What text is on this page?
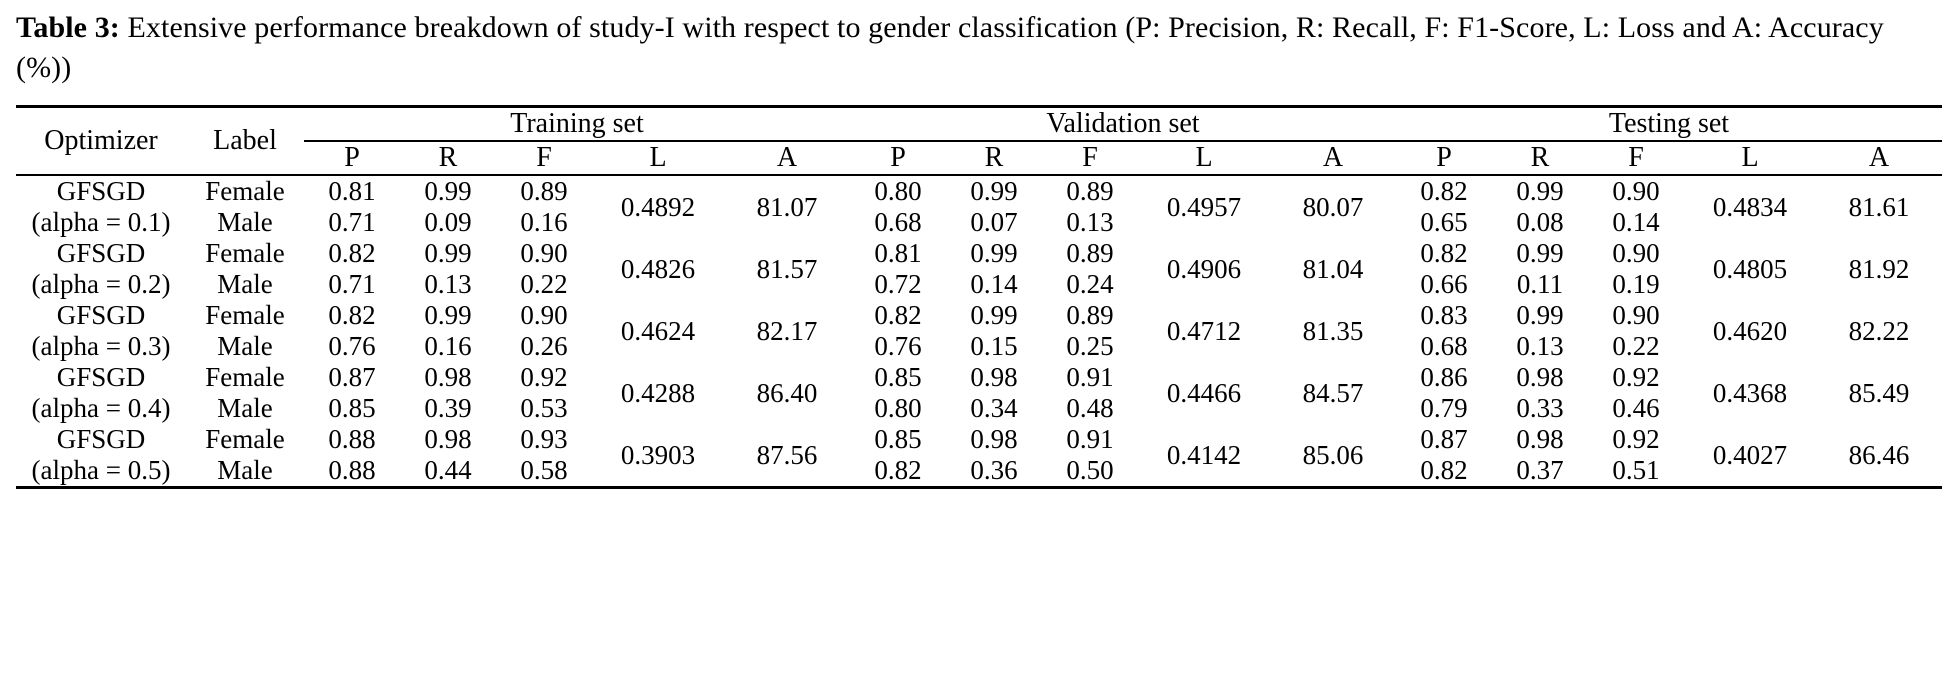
Table 3: Extensive performance breakdown of study-I with respect to gender classification (P: Precision, R: Recall, F: F1-Score, L: Loss and A: Accuracy (%))

Optimizer	Label	Training set					Validation set					Testing set				
		P	R	F	L	A	P	R	F	L	A	P	R	F	L	A

GFSGD	Female	0.81	0.99	0.89	0.4892	81.07	0.80	0.99	0.89	0.4957	80.07	0.82	0.99	0.90	0.4834	81.61
(alpha = 0.1)	Male	0.71	0.09	0.16			0.68	0.07	0.13			0.65	0.08	0.14		
GFSGD	Female	0.82	0.99	0.90	0.4826	81.57	0.81	0.99	0.89	0.4906	81.04	0.82	0.99	0.90	0.4805	81.92
(alpha = 0.2)	Male	0.71	0.13	0.22			0.72	0.14	0.24			0.66	0.11	0.19		
GFSGD	Female	0.82	0.99	0.90	0.4624	82.17	0.82	0.99	0.89	0.4712	81.35	0.83	0.99	0.90	0.4620	82.22
(alpha = 0.3)	Male	0.76	0.16	0.26			0.76	0.15	0.25			0.68	0.13	0.22		
GFSGD	Female	0.87	0.98	0.92	0.4288	86.40	0.85	0.98	0.91	0.4466	84.57	0.86	0.98	0.92	0.4368	85.49
(alpha = 0.4)	Male	0.85	0.39	0.53			0.80	0.34	0.48			0.79	0.33	0.46		
GFSGD	Female	0.88	0.98	0.93	0.3903	87.56	0.85	0.98	0.91	0.4142	85.06	0.87	0.98	0.92	0.4027	86.46
(alpha = 0.5)	Male	0.88	0.44	0.58			0.82	0.36	0.50			0.82	0.37	0.51		
